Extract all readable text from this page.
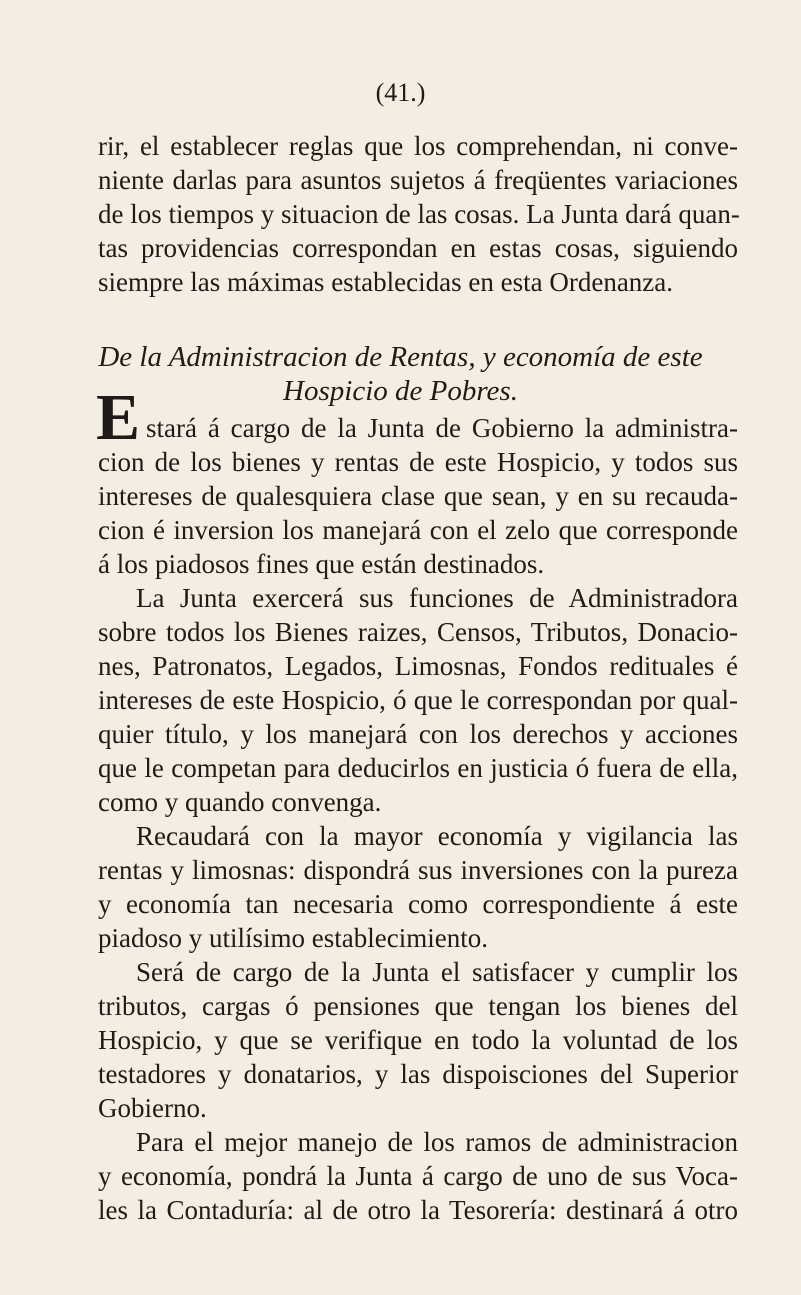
(41.)
rir, el establecer reglas que los comprehendan, ni conve-
niente darlas para asuntos sujetos á freqüentes variaciones
de los tiempos y situacion de las cosas. La Junta dará quan-
tas providencias correspondan en estas cosas, siguiendo
siempre las máximas establecidas en esta Ordenanza.
De la Administracion de Rentas, y economía de este
Hospicio de Pobres.
E stará á cargo de la Junta de Gobierno la administra-
cion de los bienes y rentas de este Hospicio, y todos sus
intereses de qualesquiera clase que sean, y en su recauda-
cion é inversion los manejará con el zelo que corresponde
á los piadosos fines que están destinados.
La Junta exercerá sus funciones de Administradora
sobre todos los Bienes raizes, Censos, Tributos, Donacio-
nes, Patronatos, Legados, Limosnas, Fondos redituales é
intereses de este Hospicio, ó que le correspondan por qual-
quier título, y los manejará con los derechos y acciones
que le competan para deducirlos en justicia ó fuera de ella,
como y quando convenga.
Recaudará con la mayor economía y vigilancia las
rentas y limosnas: dispondrá sus inversiones con la pureza
y economía tan necesaria como correspondiente á este
piadoso y utilísimo establecimiento.
Será de cargo de la Junta el satisfacer y cumplir los
tributos, cargas ó pensiones que tengan los bienes del
Hospicio, y que se verifique en todo la voluntad de los
testadores y donatarios, y las dispoisciones del Superior
Gobierno.
Para el mejor manejo de los ramos de administracion
y economía, pondrá la Junta á cargo de uno de sus Voca-
les la Contaduría: al de otro la Tesorería: destinará á otro
